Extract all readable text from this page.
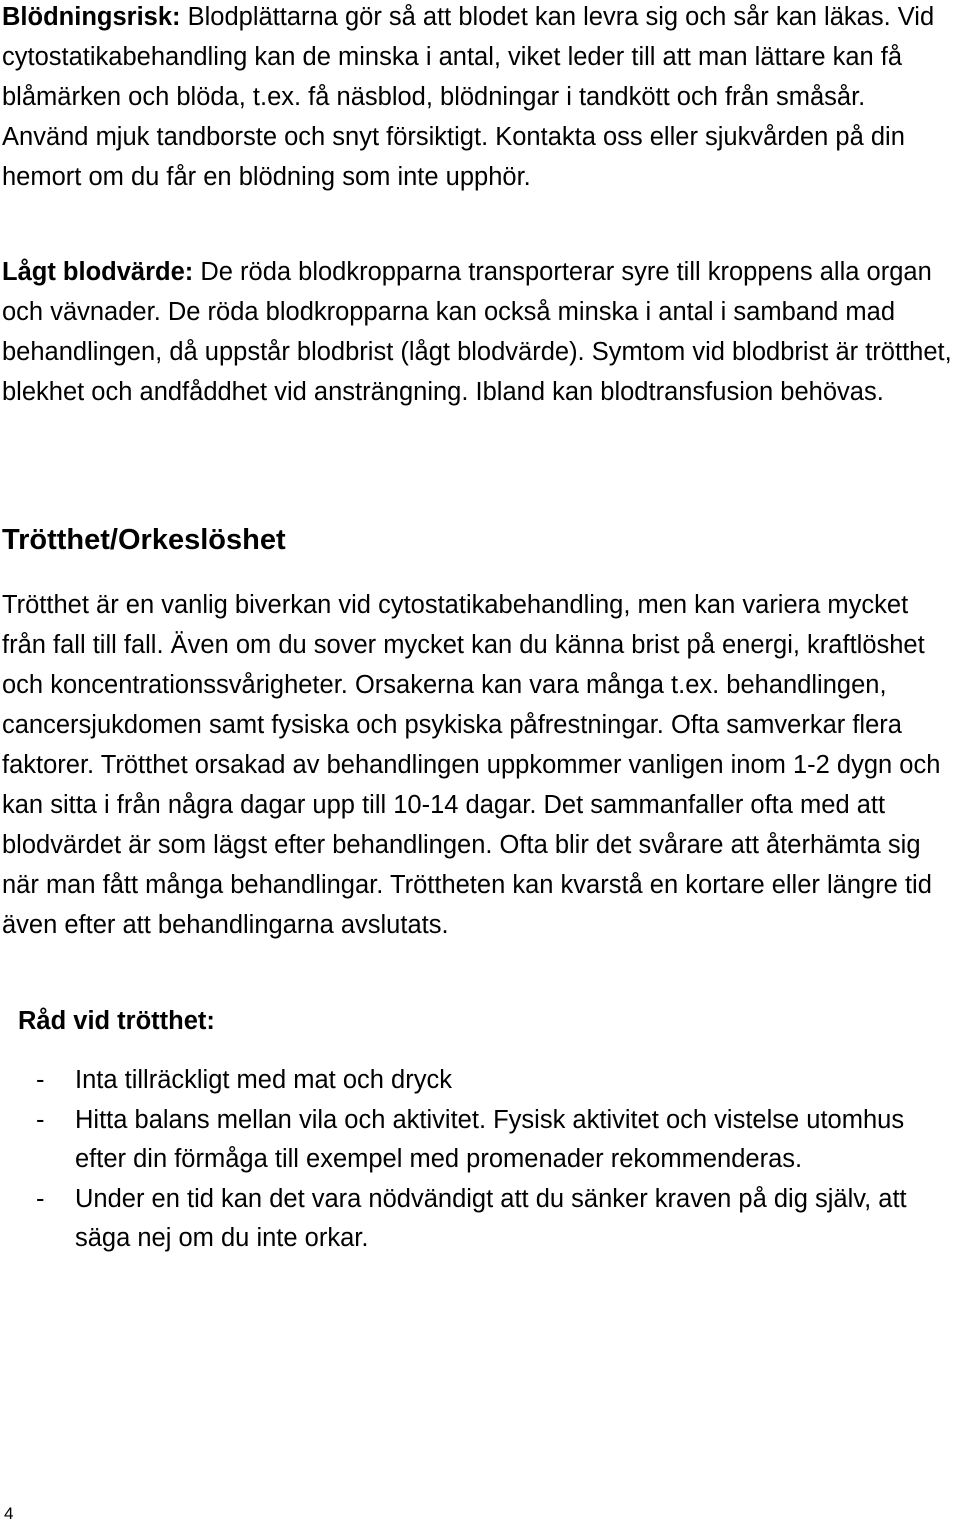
Blödningsrisk: Blodplättarna gör så att blodet kan levra sig och sår kan läkas. Vid cytostatikabehandling kan de minska i antal, viket leder till att man lättare kan få blåmärken och blöda, t.ex. få näsblod, blödningar i tandkött och från småsår. Använd mjuk tandborste och snyt försiktigt. Kontakta oss eller sjukvården på din hemort om du får en blödning som inte upphör.

Lågt blodvärde: De röda blodkropparna transporterar syre till kroppens alla organ och vävnader. De röda blodkropparna kan också minska i antal i samband mad behandlingen, då uppstår blodbrist (lågt blodvärde). Symtom vid blodbrist är trötthet, blekhet och andfåddhet vid ansträngning. Ibland kan blodtransfusion behövas.

Trötthet/Orkeslöshet

Trötthet är en vanlig biverkan vid cytostatikabehandling, men kan variera mycket från fall till fall. Även om du sover mycket kan du känna brist på energi, kraftlöshet och koncentrationssvårigheter. Orsakerna kan vara många t.ex. behandlingen, cancersjukdomen samt fysiska och psykiska påfrestningar. Ofta samverkar flera faktorer. Trötthet orsakad av behandlingen uppkommer vanligen inom 1-2 dygn och kan sitta i från några dagar upp till 10-14 dagar. Det sammanfaller ofta med att blodvärdet är som lägst efter behandlingen. Ofta blir det svårare att återhämta sig när man fått många behandlingar. Tröttheten kan kvarstå en kortare eller längre tid även efter att behandlingarna avslutats.

Råd vid trötthet:
- Inta tillräckligt med mat och dryck
- Hitta balans mellan vila och aktivitet. Fysisk aktivitet och vistelse utomhus efter din förmåga till exempel med promenader rekommenderas.
- Under en tid kan det vara nödvändigt att du sänker kraven på dig själv, att säga nej om du inte orkar.
4
